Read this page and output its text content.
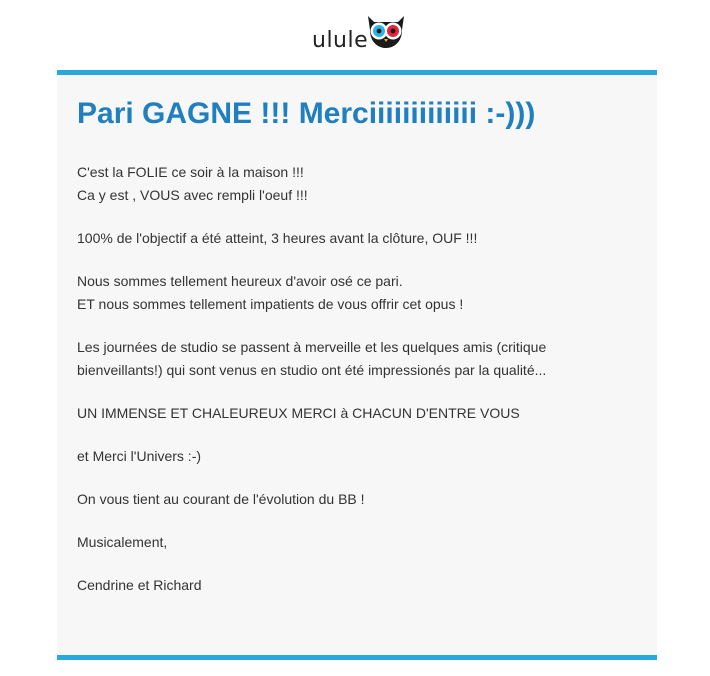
ulule
Pari GAGNE !!! Merciiiiiiiiiiiii :-)))

C'est la FOLIE ce soir à la maison !!!
Ca y est , VOUS avec rempli l'oeuf !!!

100% de l'objectif a été atteint, 3 heures avant la clôture, OUF !!!

Nous sommes tellement heureux d'avoir osé ce pari.
ET nous sommes tellement impatients de vous offrir cet opus !

Les journées de studio se passent à merveille et les quelques amis (critique
bienveillants!) qui sont venus en studio ont été impressionés par la qualité...

UN IMMENSE ET CHALEUREUX MERCI à CHACUN D'ENTRE VOUS

et Merci l'Univers :-)

On vous tient au courant de l'évolution du BB !

Musicalement,

Cendrine et Richard
